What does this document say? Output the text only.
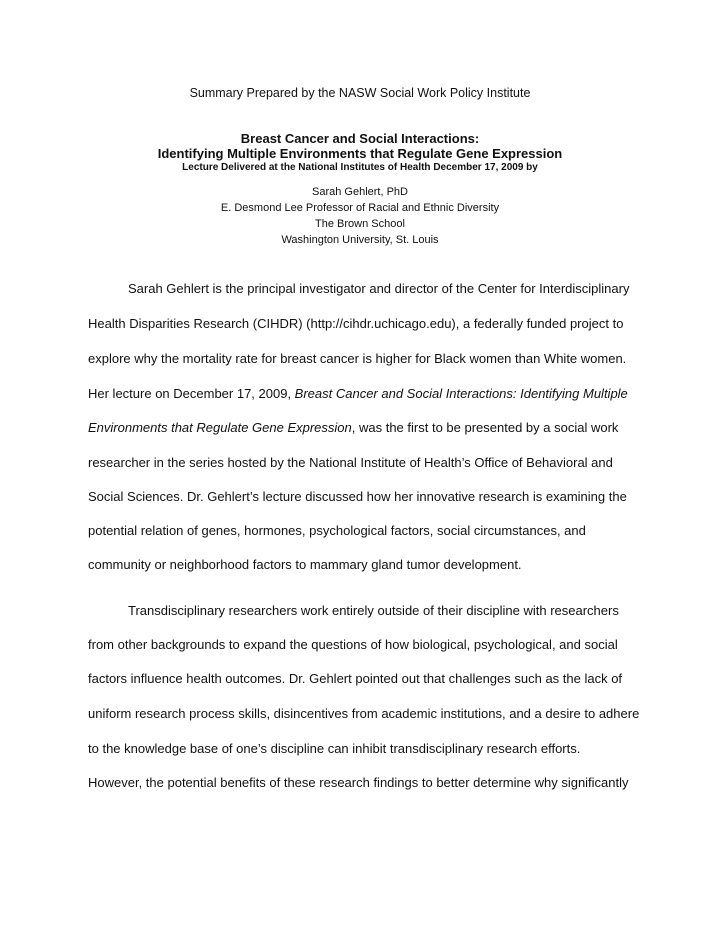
Summary Prepared by the NASW Social Work Policy Institute
Breast Cancer and Social Interactions:
Identifying Multiple Environments that Regulate Gene Expression
Lecture Delivered at the National Institutes of Health December 17, 2009 by
Sarah Gehlert, PhD
E. Desmond Lee Professor of Racial and Ethnic Diversity
The Brown School
Washington University, St. Louis
Sarah Gehlert is the principal investigator and director of the Center for Interdisciplinary
Health Disparities Research (CIHDR) (http://cihdr.uchicago.edu), a federally funded project to
explore why the mortality rate for breast cancer is higher for Black women than White women.
Her lecture on December 17, 2009, Breast Cancer and Social Interactions: Identifying Multiple
Environments that Regulate Gene Expression, was the first to be presented by a social work
researcher in the series hosted by the National Institute of Health’s Office of Behavioral and
Social Sciences. Dr. Gehlert’s lecture discussed how her innovative research is examining the
potential relation of genes, hormones, psychological factors, social circumstances, and
community or neighborhood factors to mammary gland tumor development.
Transdisciplinary researchers work entirely outside of their discipline with researchers
from other backgrounds to expand the questions of how biological, psychological, and social
factors influence health outcomes. Dr. Gehlert pointed out that challenges such as the lack of
uniform research process skills, disincentives from academic institutions, and a desire to adhere
to the knowledge base of one’s discipline can inhibit transdisciplinary research efforts.
However, the potential benefits of these research findings to better determine why significantly
